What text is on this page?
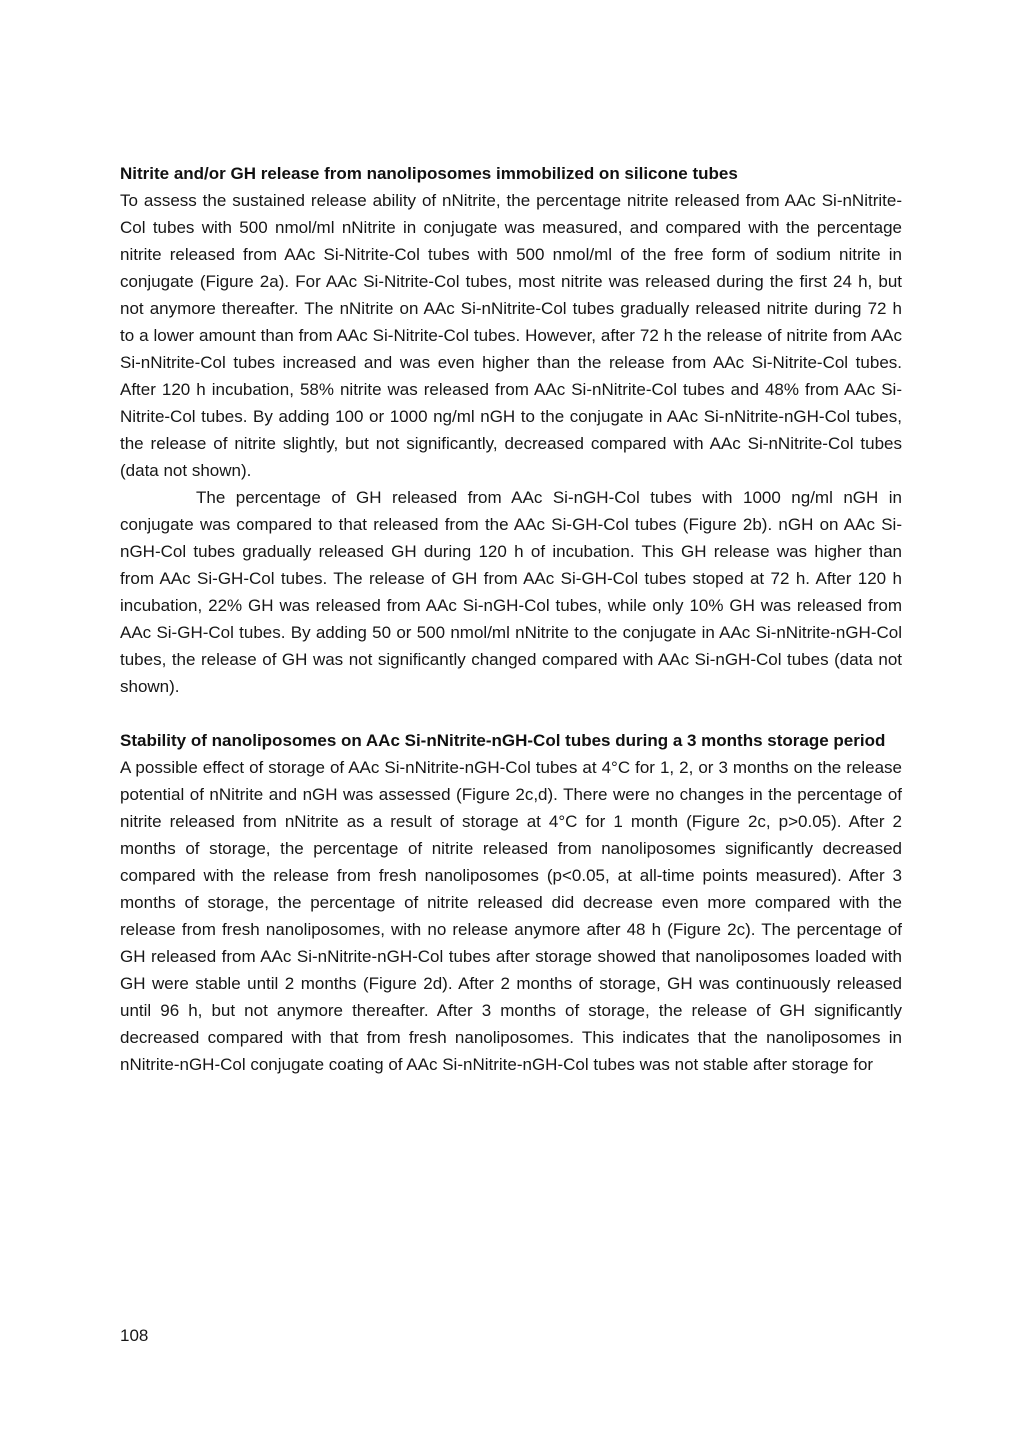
Nitrite and/or GH release from nanoliposomes immobilized on silicone tubes

To assess the sustained release ability of nNitrite, the percentage nitrite released from AAc Si-nNitrite-Col tubes with 500 nmol/ml nNitrite in conjugate was measured, and compared with the percentage nitrite released from AAc Si-Nitrite-Col tubes with 500 nmol/ml of the free form of sodium nitrite in conjugate (Figure 2a). For AAc Si-Nitrite-Col tubes, most nitrite was released during the first 24 h, but not anymore thereafter. The nNitrite on AAc Si-nNitrite-Col tubes gradually released nitrite during 72 h to a lower amount than from AAc Si-Nitrite-Col tubes. However, after 72 h the release of nitrite from AAc Si-nNitrite-Col tubes increased and was even higher than the release from AAc Si-Nitrite-Col tubes. After 120 h incubation, 58% nitrite was released from AAc Si-nNitrite-Col tubes and 48% from AAc Si-Nitrite-Col tubes. By adding 100 or 1000 ng/ml nGH to the conjugate in AAc Si-nNitrite-nGH-Col tubes, the release of nitrite slightly, but not significantly, decreased compared with AAc Si-nNitrite-Col tubes (data not shown).

The percentage of GH released from AAc Si-nGH-Col tubes with 1000 ng/ml nGH in conjugate was compared to that released from the AAc Si-GH-Col tubes (Figure 2b). nGH on AAc Si-nGH-Col tubes gradually released GH during 120 h of incubation. This GH release was higher than from AAc Si-GH-Col tubes. The release of GH from AAc Si-GH-Col tubes stoped at 72 h. After 120 h incubation, 22% GH was released from AAc Si-nGH-Col tubes, while only 10% GH was released from AAc Si-GH-Col tubes. By adding 50 or 500 nmol/ml nNitrite to the conjugate in AAc Si-nNitrite-nGH-Col tubes, the release of GH was not significantly changed compared with AAc Si-nGH-Col tubes (data not shown).

Stability of nanoliposomes on AAc Si-nNitrite-nGH-Col tubes during a 3 months storage period

A possible effect of storage of AAc Si-nNitrite-nGH-Col tubes at 4°C for 1, 2, or 3 months on the release potential of nNitrite and nGH was assessed (Figure 2c,d). There were no changes in the percentage of nitrite released from nNitrite as a result of storage at 4°C for 1 month (Figure 2c, p>0.05). After 2 months of storage, the percentage of nitrite released from nanoliposomes significantly decreased compared with the release from fresh nanoliposomes (p<0.05, at all-time points measured). After 3 months of storage, the percentage of nitrite released did decrease even more compared with the release from fresh nanoliposomes, with no release anymore after 48 h (Figure 2c). The percentage of GH released from AAc Si-nNitrite-nGH-Col tubes after storage showed that nanoliposomes loaded with GH were stable until 2 months (Figure 2d). After 2 months of storage, GH was continuously released until 96 h, but not anymore thereafter. After 3 months of storage, the release of GH significantly decreased compared with that from fresh nanoliposomes. This indicates that the nanoliposomes in nNitrite-nGH-Col conjugate coating of AAc Si-nNitrite-nGH-Col tubes was not stable after storage for

108
